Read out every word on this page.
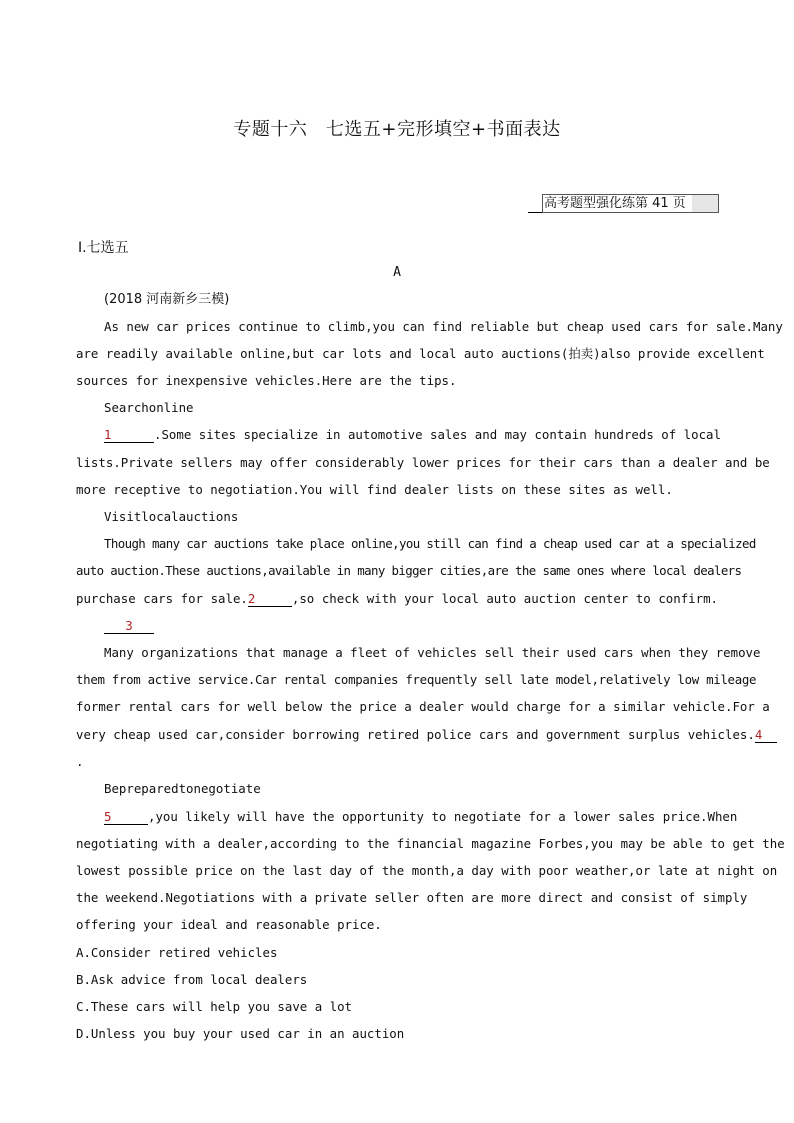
专题十六　七选五+完形填空+书面表达
高考题型强化练第 41 页
Ⅰ.七选五
A
(2018 河南新乡三模)
As new car prices continue to climb,you can find reliable but cheap used cars for sale.Many
are readily available online,but car lots and local auto auctions(拍卖)also provide excellent
sources for inexpensive vehicles.Here are the tips.
Searchonline
1	.Some sites specialize in automotive sales and may contain hundreds of local
lists.Private sellers may offer considerably lower prices for their cars than a dealer and be
more receptive to negotiation.You will find dealer lists on these sites as well.
Visitlocalauctions
Though many car auctions take place online,you still can find a cheap used car at a specialized
auto auction.These auctions,available in many bigger cities,are the same ones where local dealers
purchase cars for sale.2	,so check with your local auto auction center to confirm.
3
Many organizations that manage a fleet of vehicles sell their used cars when they remove
them from active service.Car rental companies frequently sell late model,relatively low mileage
former rental cars for well below the price a dealer would charge for a similar vehicle.For a
very cheap used car,consider borrowing retired police cars and government surplus vehicles.4
.
Bepreparedtonegotiate
5	,you likely will have the opportunity to negotiate for a lower sales price.When
negotiating with a dealer,according to the financial magazine Forbes,you may be able to get the
lowest possible price on the last day of the month,a day with poor weather,or late at night on
the weekend.Negotiations with a private seller often are more direct and consist of simply
offering your ideal and reasonable price.
A.Consider retired vehicles
B.Ask advice from local dealers
C.These cars will help you save a lot
D.Unless you buy your used car in an auction
